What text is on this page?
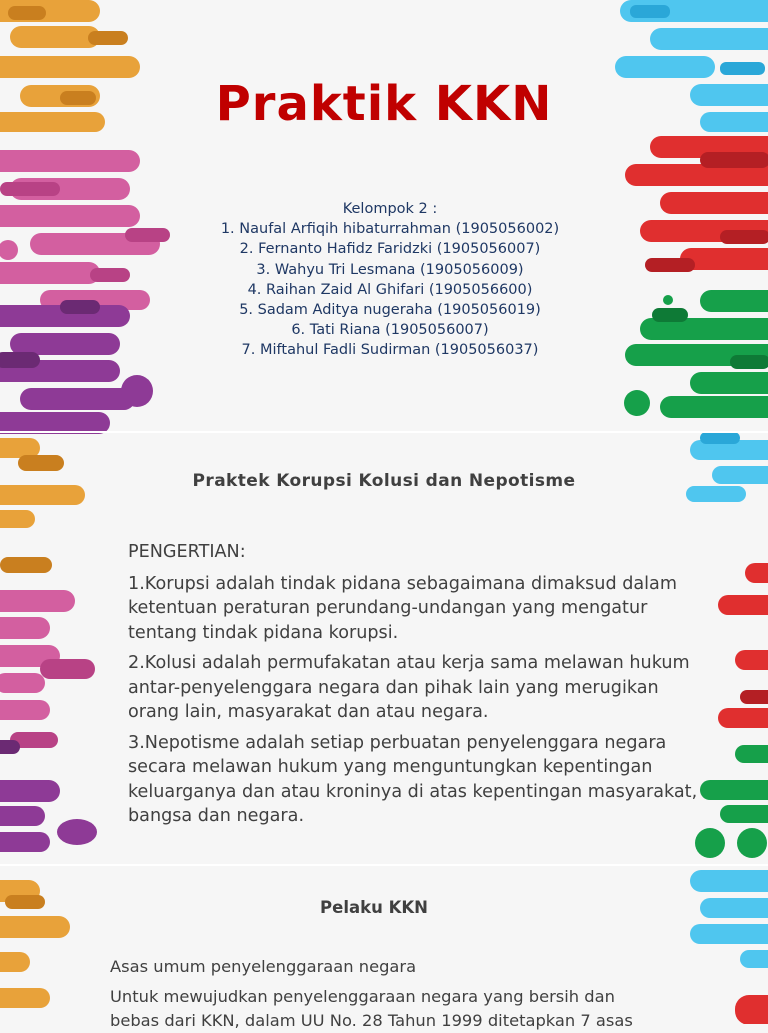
Praktik KKN
Kelompok 2 :
1. Naufal Arfiqih hibaturrahman (1905056002)
2. Fernanto Hafidz Faridzki (1905056007)
3. Wahyu Tri Lesmana (1905056009)
4. Raihan Zaid Al Ghifari (1905056600)
5. Sadam Aditya nugeraha (1905056019)
6. Tati Riana (1905056007)
7. Miftahul Fadli Sudirman (1905056037)
Praktek Korupsi Kolusi dan Nepotisme
PENGERTIAN:
1.Korupsi adalah tindak pidana sebagaimana dimaksud dalam ketentuan peraturan perundang-undangan yang mengatur tentang tindak pidana korupsi.
2.Kolusi adalah permufakatan atau kerja sama melawan hukum antar-penyelenggara negara dan pihak lain yang merugikan orang lain, masyarakat dan atau negara.
3.Nepotisme adalah setiap perbuatan penyelenggara negara secara melawan hukum yang menguntungkan kepentingan keluarganya dan atau kroninya di atas kepentingan masyarakat, bangsa dan negara.
Pelaku KKN
Asas umum penyelenggaraan negara
Untuk mewujudkan penyelenggaraan negara yang bersih dan
bebas dari KKN, dalam UU No. 28 Tahun 1999 ditetapkan 7 asas
